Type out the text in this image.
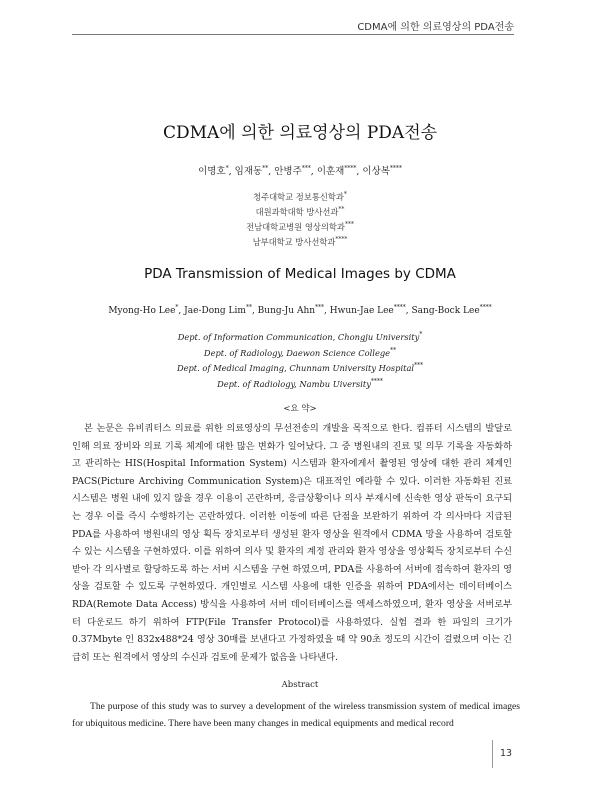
CDMA에 의한 의료영상의 PDA전송
CDMA에 의한 의료영상의 PDA전송
이명호*, 임재동**, 안병주***, 이훈재****, 이상복****
청주대학교 정보통신학과*
대원과학대학 방사선과**
전남대학교병원 영상의학과***
남부대학교 방사선학과****
PDA Transmission of Medical Images by CDMA
Myong-Ho Lee*, Jae-Dong Lim**, Bung-Ju Ahn***, Hwun-Jae Lee****, Sang-Bock Lee****
Dept. of Information Communication, Chongju University*
Dept. of Radiology, Daewon Science College**
Dept. of Medical Imaging, Chunnam University Hospital***
Dept. of Radiology, Nambu Uiversity****
<요 약>

본 논문은 유비쿼터스 의료를 위한 의료영상의 무선전송의 개발을 목적으로 한다. 컴퓨터 시스템의 발달로 인해 의료 장비와 의료 기록 체계에 대한 많은 변화가 일어났다. 그 중 병원내의 진료 및 의무 기록을 자동화하고 관리하는 HIS(Hospital Information System) 시스템과 환자에게서 촬영된 영상에 대한 관리 체계인 PACS(Picture Archiving Communication System)은 대표적인 예라할 수 있다. 이러한 자동화된 진료 시스템은 병원 내에 있지 않을 경우 이용이 곤란하며, 응급상황이나 의사 부재시에 신속한 영상 판독이 요구되는 경우 이를 즉시 수행하기는 곤란하였다. 이러한 이동에 따른 단점을 보완하기 위하여 각 의사마다 지급된 PDA를 사용하여 병원내의 영상 획득 장치로부터 생성된 환자 영상을 원격에서 CDMA 망을 사용하여 검토할 수 있는 시스템을 구현하였다. 이를 위하여 의사 및 환자의 계정 관리와 환자 영상을 영상획득 장치로부터 수신 받아 각 의사별로 할당하도록 하는 서버 시스템을 구현 하였으며, PDA를 사용하여 서버에 접속하여 환자의 영상을 검토할 수 있도록 구현하였다. 개인별로 시스템 사용에 대한 인증을 위하여 PDA에서는 데이터베이스 RDA(Remote Data Access) 방식을 사용하여 서버 데이터베이스를 엑세스하였으며, 환자 영상을 서버로부터 다운로드 하기 위하여 FTP(File Transfer Protocol)를 사용하였다. 실험 결과 한 파일의 크기가 0.37Mbyte 인 832x488*24 영상 30매를 보낸다고 가정하였을 때 약 90초 정도의 시간이 걸렸으며 이는 긴급히 또는 원격에서 영상의 수신과 검토에 문제가 없음을 나타낸다.

Abstract

The purpose of this study was to survey a development of the wireless transmission system of medical images for ubiquitous medicine. There have been many changes in medical equipments and medical record

13
